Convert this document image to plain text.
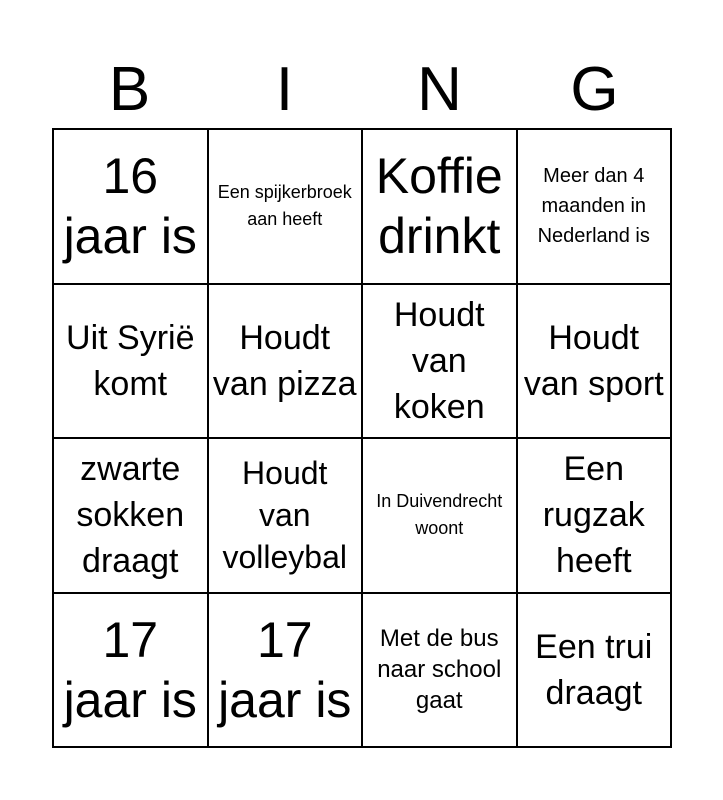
B	I	N	G
16 jaar is
Een spijkerbroek aan heeft
Koffie drinkt
Meer dan 4 maanden in Nederland is
Uit Syrië komt
Houdt van pizza
Houdt van koken
Houdt van sport
zwarte sokken draagt
Houdt van volleybal
In Duivendrecht woont
Een rugzak heeft
17 jaar is
17 jaar is
Met de bus naar school gaat
Een trui draagt
